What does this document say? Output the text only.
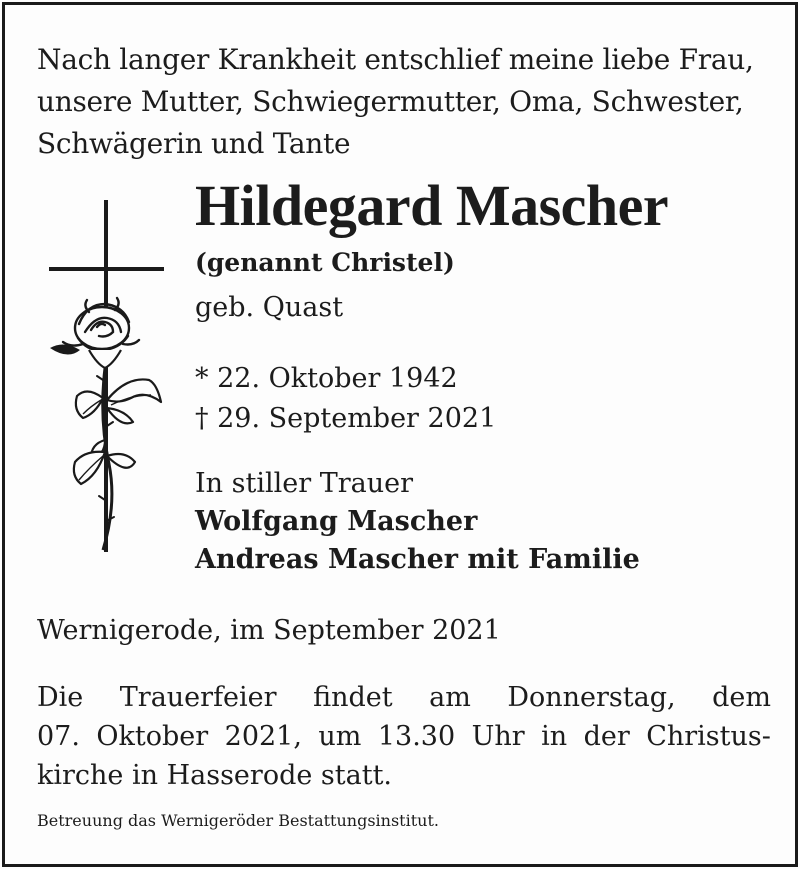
Nach langer Krankheit entschlief meine liebe Frau,
unsere Mutter, Schwiegermutter, Oma, Schwester,
Schwägerin und Tante
Hildegard Mascher
(genannt Christel)
geb. Quast
* 22. Oktober 1942
† 29. September 2021
In stiller Trauer
Wolfgang Mascher
Andreas Mascher mit Familie
Wernigerode, im September 2021
Die Trauerfeier findet am Donnerstag, dem
07. Oktober 2021, um 13.30 Uhr in der Christus-
kirche in Hasserode statt.
Betreuung das Wernigeröder Bestattungsinstitut.
